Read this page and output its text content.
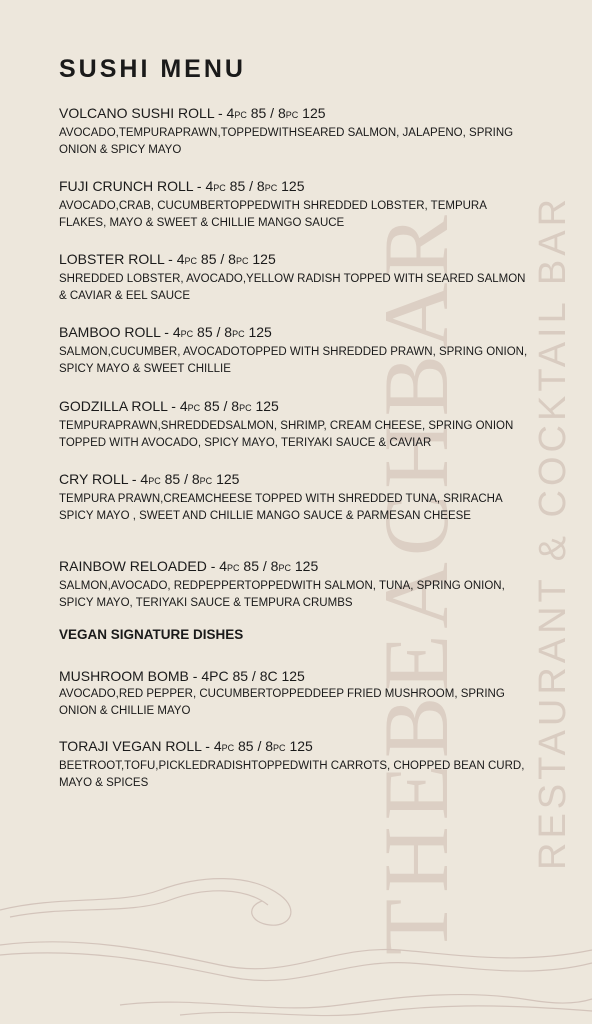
THEBEACHBAR RESTAURANT & COCKTAIL BAR
SUSHI MENU
VOLCANO SUSHI ROLL - 4PC 85 / 8PC 125
AVOCADO,TEMPURAPRAWN,TOPPEDWITHSEARED SALMON, JALAPENO, SPRING ONION & SPICY MAYO
FUJI CRUNCH ROLL - 4PC 85 / 8PC 125
AVOCADO,CRAB, CUCUMBERTOPPEDWITH SHREDDED LOBSTER, TEMPURA FLAKES, MAYO & SWEET & CHILLIE MANGO SAUCE
LOBSTER ROLL - 4PC 85 / 8PC 125
SHREDDED LOBSTER, AVOCADO,YELLOW RADISH TOPPED WITH SEARED SALMON & CAVIAR & EEL SAUCE
BAMBOO ROLL - 4PC 85 / 8PC 125
SALMON,CUCUMBER, AVOCADOTOPPED WITH SHREDDED PRAWN, SPRING ONION, SPICY MAYO & SWEET CHILLIE
GODZILLA ROLL - 4PC 85 / 8PC 125
TEMPURAPRAWN,SHREDDEDSALMON, SHRIMP, CREAM CHEESE, SPRING ONION TOPPED WITH AVOCADO, SPICY MAYO, TERIYAKI SAUCE & CAVIAR
CRY ROLL - 4PC 85 / 8PC 125
TEMPURA PRAWN,CREAMCHEESE TOPPED WITH SHREDDED TUNA, SRIRACHA SPICY MAYO , SWEET AND CHILLIE MANGO SAUCE & PARMESAN CHEESE
RAINBOW RELOADED - 4PC 85 / 8PC 125
SALMON,AVOCADO, REDPEPPERTOPPEDWITH SALMON, TUNA, SPRING ONION, SPICY MAYO, TERIYAKI SAUCE & TEMPURA CRUMBS
VEGAN SIGNATURE DISHES
MUSHROOM BOMB - 4PC 85 / 8C 125
AVOCADO,RED PEPPER, CUCUMBERTOPPEDDEEP FRIED MUSHROOM, SPRING ONION & CHILLIE MAYO
TORAJI VEGAN ROLL - 4PC 85 / 8PC 125
BEETROOT,TOFU,PICKLEDRADISHTOPPEDWITH CARROTS, CHOPPED BEAN CURD, MAYO & SPICES
